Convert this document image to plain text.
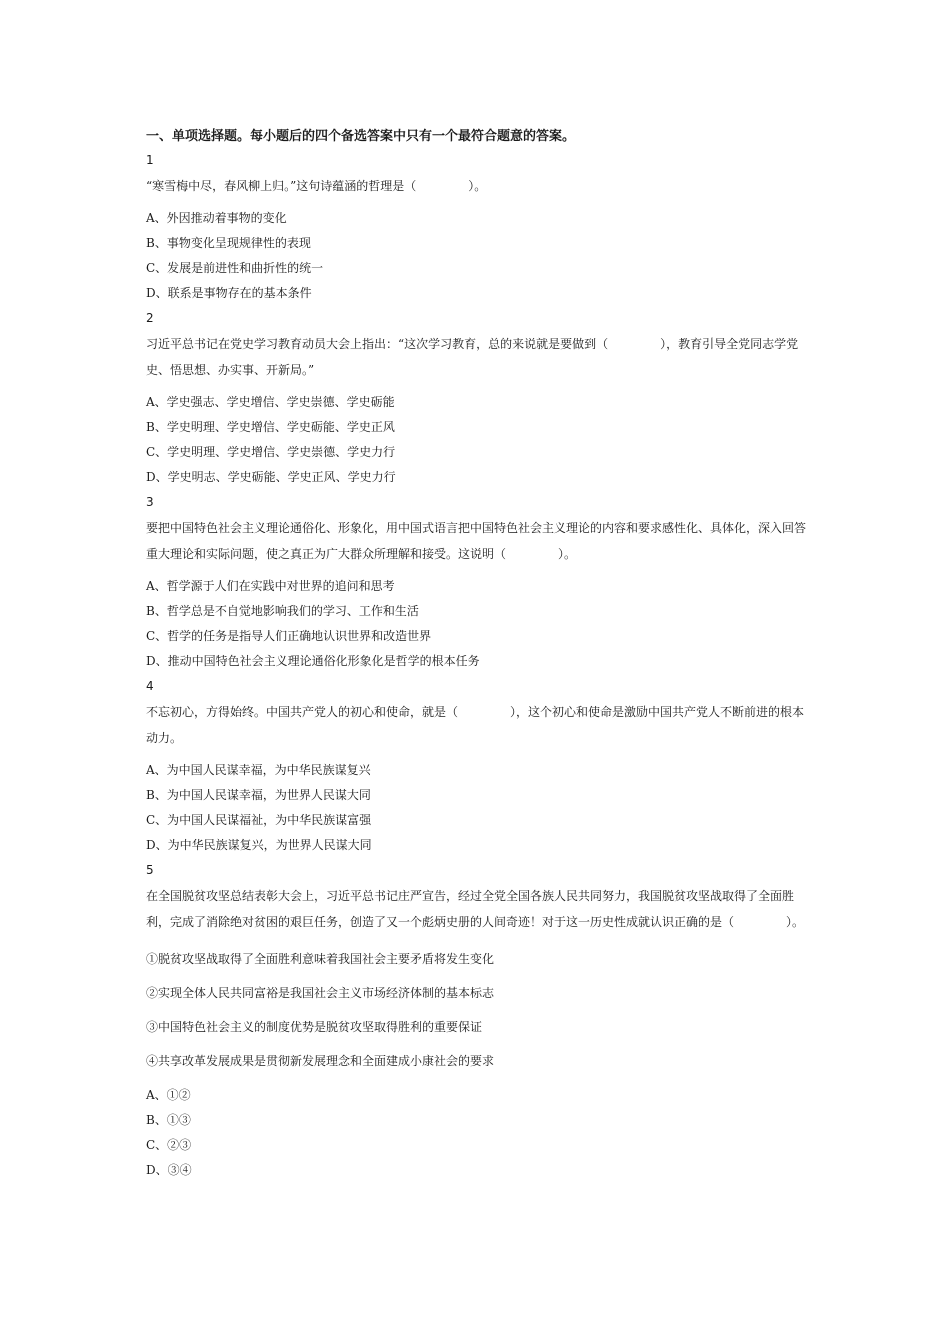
一、单项选择题。每小题后的四个备选答案中只有一个最符合题意的答案。

1

“寒雪梅中尽，春风柳上归。”这句诗蕴涵的哲理是（	）。

A、外因推动着事物的变化

B、事物变化呈现规律性的表现

C、发展是前进性和曲折性的统一

D、联系是事物存在的基本条件

2

习近平总书记在党史学习教育动员大会上指出：“这次学习教育，总的来说就是要做到（	），教育引导全党同志学党史、悟思想、办实事、开新局。”

A、学史强志、学史增信、学史崇德、学史砺能

B、学史明理、学史增信、学史砺能、学史正风

C、学史明理、学史增信、学史崇德、学史力行

D、学史明志、学史砺能、学史正风、学史力行

3

要把中国特色社会主义理论通俗化、形象化，用中国式语言把中国特色社会主义理论的内容和要求感性化、具体化，深入回答重大理论和实际问题，使之真正为广大群众所理解和接受。这说明（	）。

A、哲学源于人们在实践中对世界的追问和思考

B、哲学总是不自觉地影响我们的学习、工作和生活

C、哲学的任务是指导人们正确地认识世界和改造世界

D、推动中国特色社会主义理论通俗化形象化是哲学的根本任务

4

不忘初心，方得始终。中国共产党人的初心和使命，就是（	），这个初心和使命是激励中国共产党人不断前进的根本动力。

A、为中国人民谋幸福，为中华民族谋复兴

B、为中国人民谋幸福，为世界人民谋大同

C、为中国人民谋福祉，为中华民族谋富强

D、为中华民族谋复兴，为世界人民谋大同

5

在全国脱贫攻坚总结表彰大会上，习近平总书记庄严宣告，经过全党全国各族人民共同努力，我国脱贫攻坚战取得了全面胜利，完成了消除绝对贫困的艰巨任务，创造了又一个彪炳史册的人间奇迹！对于这一历史性成就认识正确的是（	）。

①脱贫攻坚战取得了全面胜利意味着我国社会主要矛盾将发生变化

②实现全体人民共同富裕是我国社会主义市场经济体制的基本标志

③中国特色社会主义的制度优势是脱贫攻坚取得胜利的重要保证

④共享改革发展成果是贯彻新发展理念和全面建成小康社会的要求

A、①②

B、①③

C、②③

D、③④
